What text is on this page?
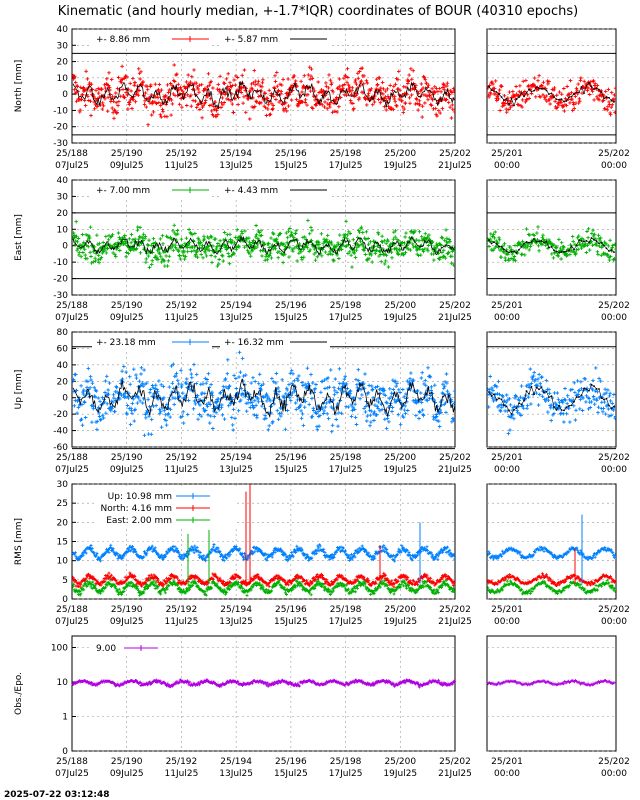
Kinematic (and hourly median, +-1.7*IQR) coordinates of BOUR (40310 epochs)
-30
-20
-10
0
10
20
30
40
North [mm]
+- 8.86 mm	+- 5.87 mm
25/188
07Jul25
25/190
09Jul25
25/192
11Jul25
25/194
13Jul25
25/196
15Jul25
25/198
17Jul25
25/200
19Jul25
25/202
21Jul25
25/201
00:00
25/202
00:00
-30
-20
-10
0
10
20
30
40
East [mm]
+- 7.00 mm	+- 4.43 mm
25/188
07Jul25
25/190
09Jul25
25/192
11Jul25
25/194
13Jul25
25/196
15Jul25
25/198
17Jul25
25/200
19Jul25
25/202
21Jul25
25/201
00:00
25/202
00:00
-60
-40
-20
0
20
40
60
80
Up [mm]
+- 23.18 mm	+- 16.32 mm
25/188
07Jul25
25/190
09Jul25
25/192
11Jul25
25/194
13Jul25
25/196
15Jul25
25/198
17Jul25
25/200
19Jul25
25/202
21Jul25
25/201
00:00
25/202
00:00
0
5
10
15
20
25
30
RMS [mm]
Up: 10.98 mm
North: 4.16 mm
East: 2.00 mm
25/188
07Jul25
25/190
09Jul25
25/192
11Jul25
25/194
13Jul25
25/196
15Jul25
25/198
17Jul25
25/200
19Jul25
25/202
21Jul25
25/201
00:00
25/202
00:00
0
1
10
100
Obs./Epo.
9.00
25/188
07Jul25
25/190
09Jul25
25/192
11Jul25
25/194
13Jul25
25/196
15Jul25
25/198
17Jul25
25/200
19Jul25
25/202
21Jul25
25/201
00:00
25/202
00:00
2025-07-22 03:12:48
